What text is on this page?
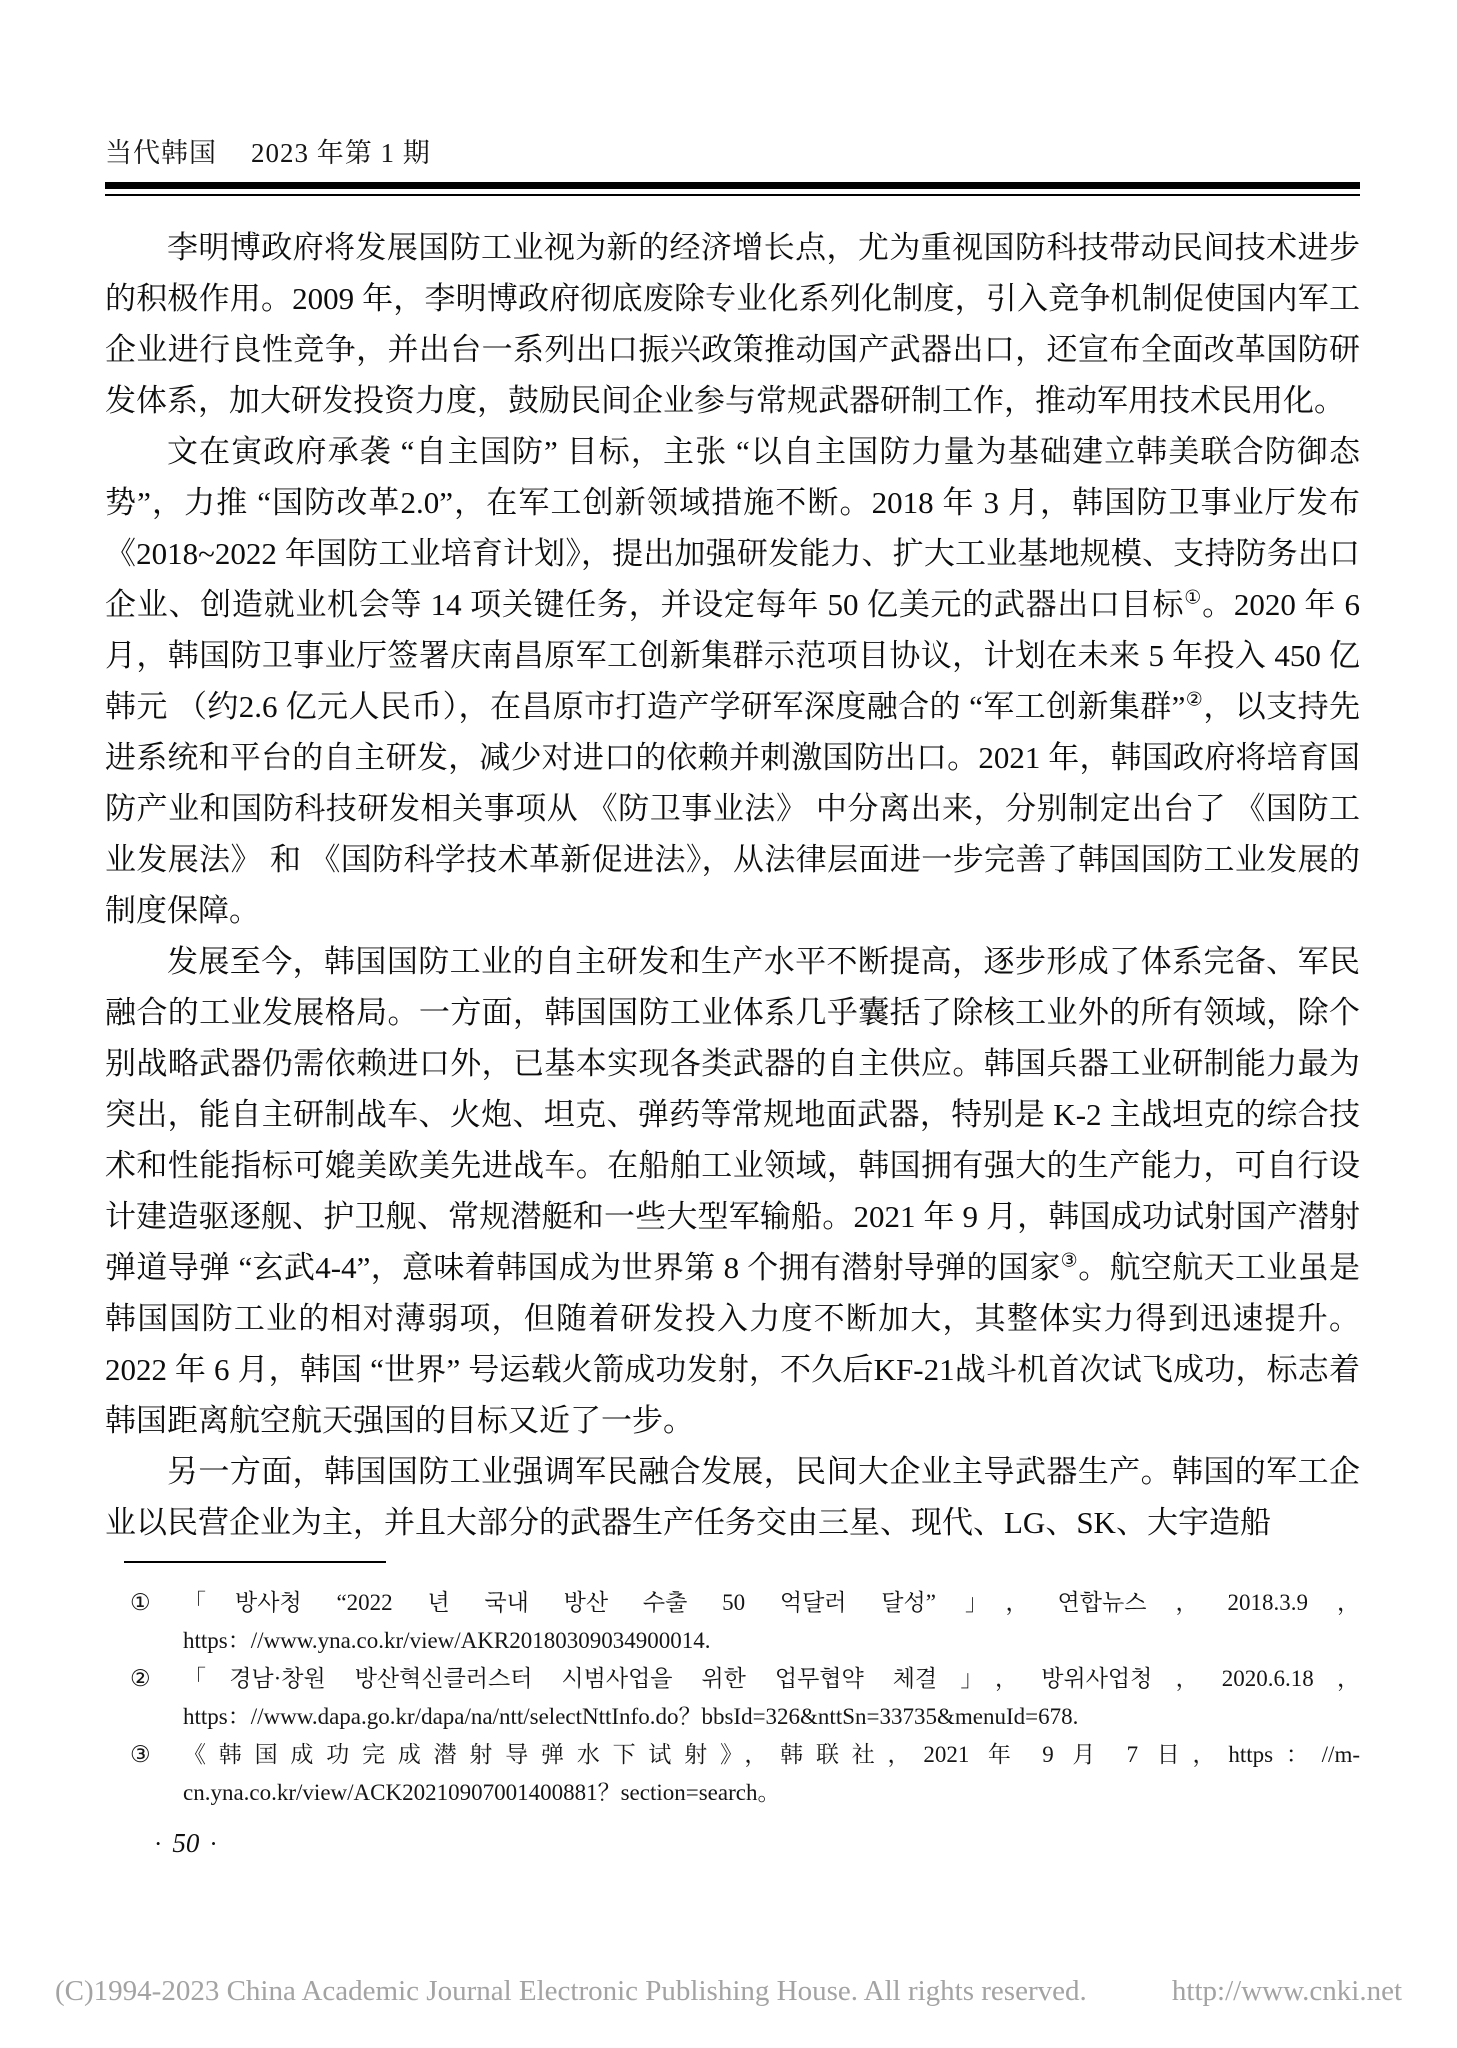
当代韩国 2023 年第 1 期

李明博政府将发展国防工业视为新的经济增长点，尤为重视国防科技带动民间技术进步的积极作用。2009 年，李明博政府彻底废除专业化系列化制度，引入竞争机制促使国内军工企业进行良性竞争，并出台一系列出口振兴政策推动国产武器出口，还宣布全面改革国防研发体系，加大研发投资力度，鼓励民间企业参与常规武器研制工作，推动军用技术民用化。

文在寅政府承袭 “自主国防” 目标，主张 “以自主国防力量为基础建立韩美联合防御态势”，力推 “国防改革2.0”，在军工创新领域措施不断。2018 年 3 月，韩国防卫事业厅发布 《2018~2022 年国防工业培育计划》，提出加强研发能力、扩大工业基地规模、支持防务出口企业、创造就业机会等 14 项关键任务，并设定每年 50 亿美元的武器出口目标①。2020 年 6 月，韩国防卫事业厅签署庆南昌原军工创新集群示范项目协议，计划在未来 5 年投入 450 亿韩元 （约2.6 亿元人民币），在昌原市打造产学研军深度融合的 “军工创新集群”②，以支持先进系统和平台的自主研发，减少对进口的依赖并刺激国防出口。2021 年，韩国政府将培育国防产业和国防科技研发相关事项从 《防卫事业法》 中分离出来，分别制定出台了 《国防工业发展法》 和 《国防科学技术革新促进法》，从法律层面进一步完善了韩国国防工业发展的制度保障。

发展至今，韩国国防工业的自主研发和生产水平不断提高，逐步形成了体系完备、军民融合的工业发展格局。一方面，韩国国防工业体系几乎囊括了除核工业外的所有领域，除个别战略武器仍需依赖进口外，已基本实现各类武器的自主供应。韩国兵器工业研制能力最为突出，能自主研制战车、火炮、坦克、弹药等常规地面武器，特别是 K-2 主战坦克的综合技术和性能指标可媲美欧美先进战车。在船舶工业领域，韩国拥有强大的生产能力，可自行设计建造驱逐舰、护卫舰、常规潜艇和一些大型军输船。2021 年 9 月，韩国成功试射国产潜射弹道导弹 “玄武4-4”，意味着韩国成为世界第 8 个拥有潜射导弹的国家③。航空航天工业虽是韩国国防工业的相对薄弱项，但随着研发投入力度不断加大，其整体实力得到迅速提升。2022 年 6 月，韩国 “世界” 号运载火箭成功发射，不久后KF-21战斗机首次试飞成功，标志着韩国距离航空航天强国的目标又近了一步。

另一方面，韩国国防工业强调军民融合发展，民间大企业主导武器生产。韩国的军工企业以民营企业为主，并且大部分的武器生产任务交由三星、现代、LG、SK、大宇造船

①	「방사청 “2022 년 국내 방산 수출 50 억달러 달성”」，연합뉴스，2018.3.9，https：//www.yna.co.kr/view/AKR20180309034900014.
②	「경남·창원 방산혁신클러스터 시범사업을 위한 업무협약 체결」，방위사업청，2020.6.18，https：//www.dapa.go.kr/dapa/na/ntt/selectNttInfo.do？bbsId=326&nttSn=33735&menuId=678.
③	《韩国成功完成潜射导弹水下试射》，韩联社，2021 年 9 月 7 日，https：//m-cn.yna.co.kr/view/ACK20210907001400881？section=search。
· 50 ·
(C)1994-2023 China Academic Journal Electronic Publishing House. All rights reserved.	http://www.cnki.net
